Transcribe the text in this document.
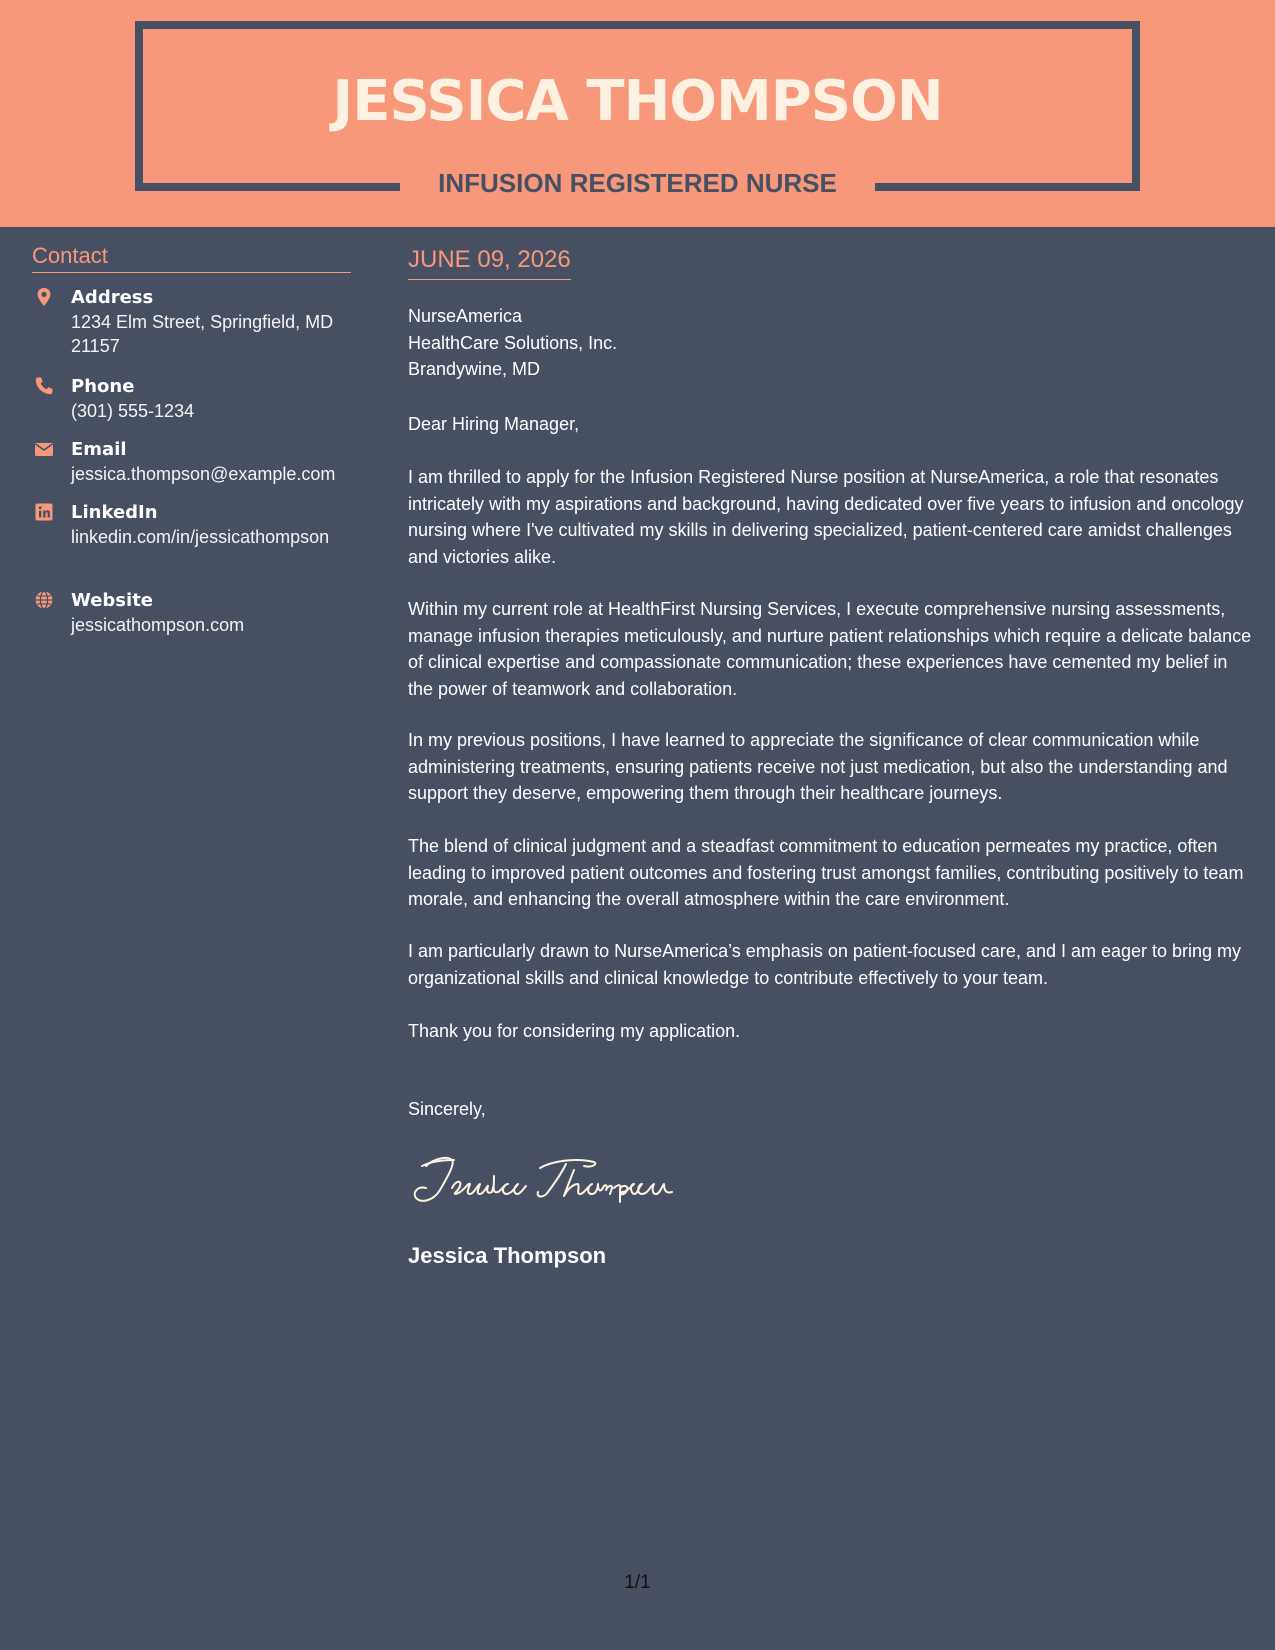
JESSICA THOMPSON
INFUSION REGISTERED NURSE
Contact
Address
1234 Elm Street, Springfield, MD 21157
Phone
(301) 555-1234
Email
jessica.thompson@example.com
LinkedIn
linkedin.com/in/jessicathompson
Website
jessicathompson.com
JUNE 09, 2026
NurseAmerica
HealthCare Solutions, Inc.
Brandywine, MD
Dear Hiring Manager,
I am thrilled to apply for the Infusion Registered Nurse position at NurseAmerica, a role that resonates intricately with my aspirations and background, having dedicated over five years to infusion and oncology nursing where I've cultivated my skills in delivering specialized, patient-centered care amidst challenges and victories alike.
Within my current role at HealthFirst Nursing Services, I execute comprehensive nursing assessments, manage infusion therapies meticulously, and nurture patient relationships which require a delicate balance of clinical expertise and compassionate communication; these experiences have cemented my belief in the power of teamwork and collaboration.
In my previous positions, I have learned to appreciate the significance of clear communication while administering treatments, ensuring patients receive not just medication, but also the understanding and support they deserve, empowering them through their healthcare journeys.
The blend of clinical judgment and a steadfast commitment to education permeates my practice, often leading to improved patient outcomes and fostering trust amongst families, contributing positively to team morale, and enhancing the overall atmosphere within the care environment.
I am particularly drawn to NurseAmerica’s emphasis on patient-focused care, and I am eager to bring my organizational skills and clinical knowledge to contribute effectively to your team.
Thank you for considering my application.
Sincerely,
Jessica Thompson
1/1
